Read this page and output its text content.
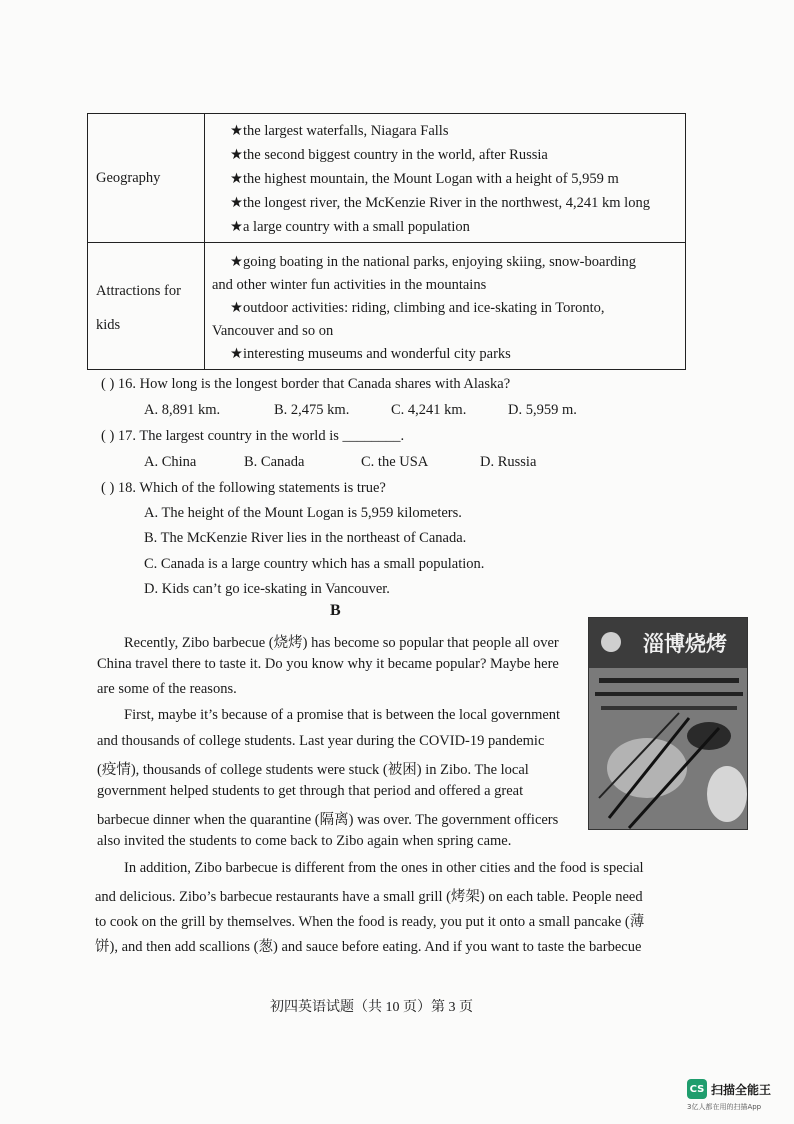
Geography
★the largest waterfalls, Niagara Falls
★the second biggest country in the world, after Russia
★the highest mountain, the Mount Logan with a height of 5,959 m
★the longest river, the McKenzie River in the northwest, 4,241 km long
★a large country with a small population
Attractions for
kids
★going boating in the national parks, enjoying skiing, snow-boarding
and other winter fun activities in the mountains
★outdoor activities: riding, climbing and ice-skating in Toronto,
Vancouver and so on
★interesting museums and wonderful city parks
( ) 16. How long is the longest border that Canada shares with Alaska?
A. 8,891 km.	B. 2,475 km.	C. 4,241 km.	D. 5,959 m.
( ) 17. The largest country in the world is ________.
A. China	B. Canada	C. the USA	D. Russia
( ) 18. Which of the following statements is true?
A. The height of the Mount Logan is 5,959 kilometers.
B. The McKenzie River lies in the northeast of Canada.
C. Canada is a large country which has a small population.
D. Kids can’t go ice-skating in Vancouver.
B
淄博烧烤
Recently, Zibo barbecue (烧烤) has become so popular that people all over
China travel there to taste it. Do you know why it became popular? Maybe here
are some of the reasons.
First, maybe it’s because of a promise that is between the local government
and thousands of college students. Last year during the COVID-19 pandemic
(疫情), thousands of college students were stuck (被困) in Zibo. The local
government helped students to get through that period and offered a great
barbecue dinner when the quarantine (隔离) was over. The government officers
also invited the students to come back to Zibo again when spring came.
In addition, Zibo barbecue is different from the ones in other cities and the food is special
and delicious. Zibo’s barbecue restaurants have a small grill (烤架) on each table. People need
to cook on the grill by themselves. When the food is ready, you put it onto a small pancake (薄
饼), and then add scallions (葱) and sauce before eating. And if you want to taste the barbecue
初四英语试题（共 10 页）第 3 页
CS 扫描全能王
3亿人都在用的扫描App
